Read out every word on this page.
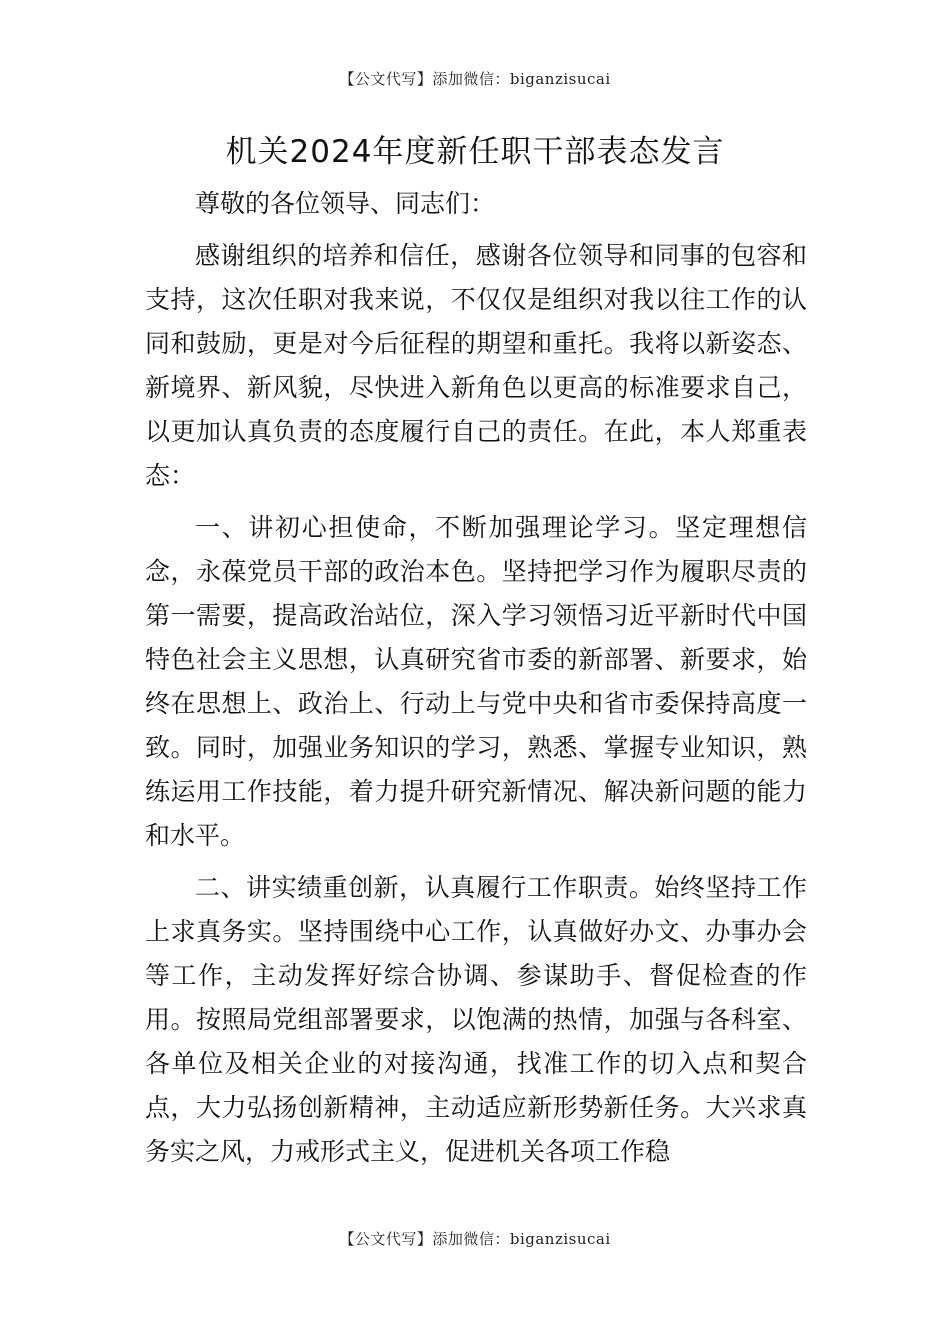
【公文代写】添加微信：biganzisucai
机关2024年度新任职干部表态发言

尊敬的各位领导、同志们：

感谢组织的培养和信任，感谢各位领导和同事的包容和支持，这次任职对我来说，不仅仅是组织对我以往工作的认同和鼓励，更是对今后征程的期望和重托。我将以新姿态、新境界、新风貌，尽快进入新角色以更高的标准要求自己，以更加认真负责的态度履行自己的责任。在此，本人郑重表态：

一、讲初心担使命，不断加强理论学习。坚定理想信念，永葆党员干部的政治本色。坚持把学习作为履职尽责的第一需要，提高政治站位，深入学习领悟习近平新时代中国特色社会主义思想，认真研究省市委的新部署、新要求，始终在思想上、政治上、行动上与党中央和省市委保持高度一致。同时，加强业务知识的学习，熟悉、掌握专业知识，熟练运用工作技能，着力提升研究新情况、解决新问题的能力和水平。

二、讲实绩重创新，认真履行工作职责。始终坚持工作上求真务实。坚持围绕中心工作，认真做好办文、办事办会等工作，主动发挥好综合协调、参谋助手、督促检查的作用。按照局党组部署要求，以饱满的热情，加强与各科室、各单位及相关企业的对接沟通，找准工作的切入点和契合点，大力弘扬创新精神，主动适应新形势新任务。大兴求真务实之风，力戒形式主义，促进机关各项工作稳

【公文代写】添加微信：biganzisucai
